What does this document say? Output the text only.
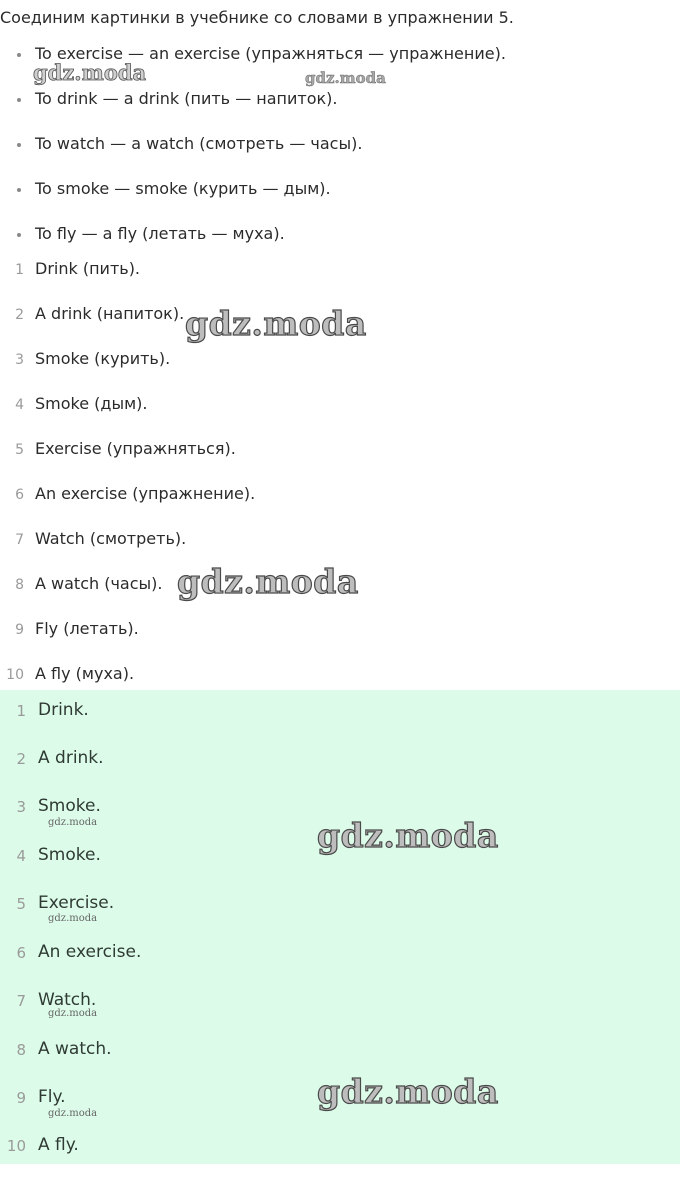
Соединим картинки в учебнике со словами в упражнении 5.

To exercise — an exercise (упражняться — упражнение).
To drink — a drink (пить — напиток).
To watch — a watch (смотреть — часы).
To smoke — smoke (курить — дым).
To fly — a fly (летать — муха).
1 Drink (пить).
2 A drink (напиток).
3 Smoke (курить).
4 Smoke (дым).
5 Exercise (упражняться).
6 An exercise (упражнение).
7 Watch (смотреть).
8 A watch (часы).
9 Fly (летать).
10 A fly (муха).
gdz.moda	gdz.moda
gdz.moda
gdz.moda
1 Drink.
2 A drink.
3 Smoke.
4 Smoke.
5 Exercise.
6 An exercise.
7 Watch.
8 A watch.
9 Fly.
10 A fly.
gdz.moda	gdz.moda
gdz.moda
gdz.moda
gdz.moda
gdz.moda
